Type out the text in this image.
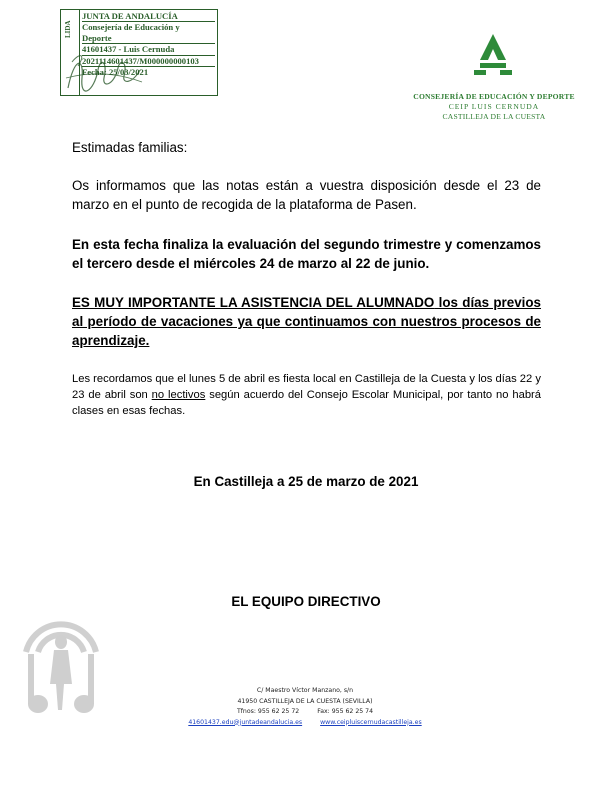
LIDA
JUNTA DE ANDALUCÍA
Consejería de Educación y
Deporte
41601437 - Luis Cernuda
2021114601437/M000000000103
Fecha: 25/03/2021
CONSEJERÍA DE EDUCACIÓN Y DEPORTE
CEIP LUIS CERNUDA
CASTILLEJA DE LA CUESTA

Estimadas familias:

Os informamos que las notas están a vuestra disposición desde el 23 de marzo en el punto de recogida de la plataforma de Pasen.

En esta fecha finaliza la evaluación del segundo trimestre y comenzamos el tercero desde el miércoles 24 de marzo al 22 de junio.

ES MUY IMPORTANTE LA ASISTENCIA DEL ALUMNADO los días previos al período de vacaciones ya que continuamos con nuestros procesos de aprendizaje.

Les recordamos que el lunes 5 de abril es fiesta local en Castilleja de la Cuesta y los días 22 y 23 de abril son no lectivos según acuerdo del Consejo Escolar Municipal, por tanto no habrá clases en esas fechas.

En Castilleja a 25 de marzo de 2021
EL EQUIPO DIRECTIVO
C/ Maestro Víctor Manzano, s/n
41950 CASTILLEJA DE LA CUESTA (SEVILLA)
Tfnos: 955 62 25 72	Fax: 955 62 25 74
41601437.edu@juntadeandalucia.es	www.ceipluiscernudacastilleja.es
